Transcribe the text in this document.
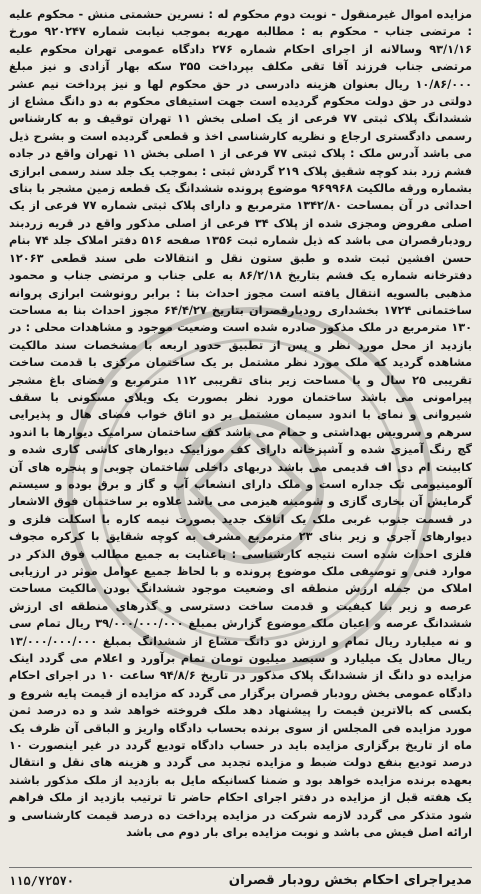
مزایده اموال غیرمنقول - نوبت دوم محکوم له : نسرین حشمتی منش - محکوم علیه : مرتضی جناب - محکوم به : مطالبه مهریه بموجب نیابت شماره ۹۲۰۲۴۷ مورخ ۹۳/۱/۱۶ وسالانه از اجرای احکام شماره ۲۷۶ دادگاه عمومی تهران محکوم علیه مرتضی جناب فرزند آقا تقی مکلف بپرداخت ۳۵۵ سکه بهار آزادی و نیز مبلغ ۱۰/۸۶/۰۰۰ ریال بعنوان هزینه دادرسی در حق محکوم لها و نیز پرداخت نیم عشر دولتی در حق دولت محکوم گردیده است جهت استیفای محکوم به دو دانگ مشاع از ششدانگ پلاک ثبتی ۷۷ فرعی از یک اصلی بخش ۱۱ تهران توقیف و به کارشناس رسمی دادگستری ارجاع و نظریه کارشناسی اخذ و قطعی گردیده است و بشرح ذیل می باشد آدرس ملک : پلاک ثبتی ۷۷ فرعی از ۱ اصلی بخش ۱۱ تهران واقع در جاده فشم زرد بند کوچه شقیق پلاک ۲۱۹ گردش ثبتی : بموجب یک جلد سند رسمی ابرازی بشماره ورقه مالکیت ۹۶۹۹۶۸ موضوع پرونده ششدانگ یک قطعه زمین مشجر با بنای احداثی در آن بمساحت ۱۳۴۲/۸۰ مترمربع و دارای پلاک ثبتی شماره ۷۷ فرعی از یک اصلی مفروض ومجزی شده از پلاک ۳۴ فرعی از اصلی مذکور واقع در قریه زردبند رودبارقصران می باشد که ذیل شماره ثبت ۱۳۵۶ صفحه ۵۱۶ دفتر املاک جلد ۷۴ بنام حسن افشین ثبت شده و طبق ستون نقل و انتقالات طی سند قطعی ۱۲۰۶۳ دفترخانه شماره یک فشم بتاریخ ۸۶/۲/۱۸ به علی جناب و مرتضی جناب و محمود مذهبی بالسویه انتقال یافته است مجوز احداث بنا : برابر رونوشت ابرازی پروانه ساختمانی ۱۷۲۴ بخشداری رودبارقصران بتاریخ ۶۴/۴/۲۷ مجوز احداث بنا به مساحت ۱۳۰ مترمربع در ملک مذکور صادره شده است وضعیت موجود و مشاهدات محلی : در بازدید از محل مورد نظر و پس از تطبیق حدود اربعه با مشخصات سند مالکیت مشاهده گردید که ملک مورد نظر مشتمل بر یک ساختمان مرکزی با قدمت ساخت تقریبی ۲۵ سال و با مساحت زیر بنای تقریبی ۱۱۲ مترمربع و فضای باغ مشجر پیرامونی می باشد ساختمان مورد نظر بصورت یک ویلای مسکونی با سقف شیروانی و نمای با اندود سیمان مشتمل بر دو اتاق خواب فضای هال و پذیرایی سرهم و سرویس بهداشتی و حمام می باشد کف ساختمان سرامیک دیوارها با اندود گچ رنگ آمیزی شده و آشپزخانه دارای کف موزاییک دیوارهای کاشی کاری شده و کابینت ام دی اف قدیمی می باشد دربهای داخلی ساختمان چوبی و پنجره های آن آلومینیومی تک جداره است و ملک دارای انشعاب آب و گاز و برق بوده و سیستم گرمایش آن بخاری گازی و شومینه هیزمی می باشد علاوه بر ساختمان فوق الاشعار در قسمت جنوب غربی ملک یک اتاقک جدید بصورت نیمه کاره با اسکلت فلزی و دیوارهای آجری و زیر بنای ۲۳ مترمربع مشرف به کوچه شقایق با کرکره مجوف فلزی احداث شده است نتیجه کارشناسی : باعنایت به جمیع مطالب فوق الذکر در موارد فنی و توصیفی ملک موضوع پرونده و با لحاظ جمیع عوامل موثر در ارزیابی املاک من جمله ارزش منطقه ای وضعیت موجود ششدانگ بودن مالکیت مساحت عرصه و زیر بنا کیفیت و قدمت ساخت دسترسی و گذرهای منطقه ای ارزش ششدانگ عرصه و اعیان ملک موضوع گزارش بمبلغ ۳۹/۰۰۰/۰۰۰/۰۰۰ ریال تمام سی و نه میلیارد ریال تمام و ارزش دو دانگ مشاع از ششدانگ بمبلغ ۱۳/۰۰۰/۰۰۰/۰۰۰ ریال معادل یک میلیارد و سیصد میلیون تومان تمام برآورد و اعلام می گردد اینک مزایده دو دانگ از ششدانگ پلاک مذکور در تاریخ ۹۴/۸/۶ ساعت ۱۰ در اجرای احکام دادگاه عمومی بخش رودبار قصران برگزار می گردد که مزایده از قیمت پایه شروع و بکسی که بالاترین قیمت را پیشنهاد دهد ملک فروخته خواهد شد و ده درصد ثمن مورد مزایده فی المجلس از سوی برنده بحساب دادگاه واریز و الباقی آن ظرف یک ماه از تاریخ برگزاری مزایده باید در حساب دادگاه تودیع گردد در غیر اینصورت ۱۰ درصد تودیع بنفع دولت ضبط و مزایده تجدید می گردد و هزینه های نقل و انتقال بعهده برنده مزایده خواهد بود و ضمنا کسانیکه مایل به بازدید از ملک مذکور باشند یک هفته قبل از مزایده در دفتر اجرای احکام حاضر تا ترتیب بازدید از ملک فراهم شود متذکر می گردد لازمه شرکت در مزایده پرداخت ده درصد قیمت کارشناسی و ارائه اصل فیش می باشد و نوبت مزایده برای بار دوم می باشد

مدیراجرای احکام بخش رودبار قصران
۱۱۵/۷۲۵۷۰
